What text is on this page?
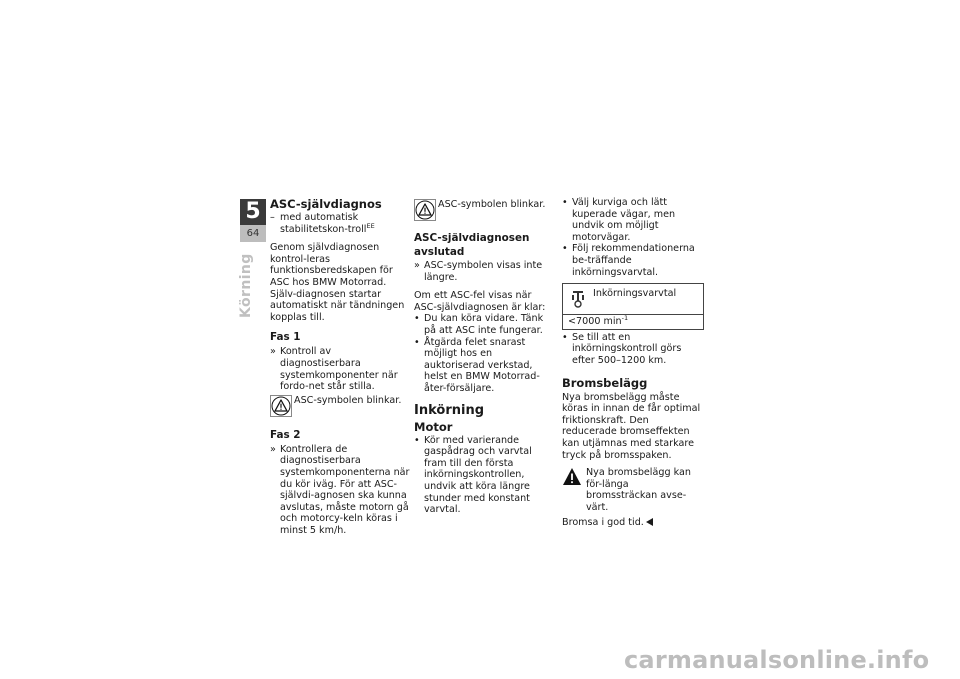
5
64
Körning
ASC-självdiagnos
– med automatisk stabilitetskon-troll$^{EE}$
Genom självdiagnosen kontrol-leras funktionsberedskapen för ASC hos BMW Motorrad. Själv-diagnosen startar automatiskt när tändningen kopplas till.
Fas 1
» Kontroll av diagnostiserbara systemkomponenter när fordo-net står stilla.
ASC-symbolen blinkar.
Fas 2
» Kontrollera de diagnostiserbara systemkomponenterna när du kör iväg. För att ASC-självdi-agnosen ska kunna avslutas, måste motorn gå och motorcy-keln köras i minst 5 km/h.
ASC-symbolen blinkar.
ASC-självdiagnosen avslutad
» ASC-symbolen visas inte längre.
Om ett ASC-fel visas när ASC-självdiagnosen är klar:
• Du kan köra vidare. Tänk på att ASC inte fungerar.
• Åtgärda felet snarast möjligt hos en auktoriserad verkstad, helst en BMW Motorrad-åter-försäljare.
Inkörning
Motor
• Kör med varierande gaspådrag och varvtal fram till den första inkörningskontrollen, undvik att köra längre stunder med konstant varvtal.
• Välj kurviga och lätt kuperade vägar, men undvik om möjligt motorvägar.
• Följ rekommendationerna be-träffande inkörningsvarvtal.
Inkörningsvarvtal
<7000 $\min^{-1}$
• Se till att en inkörningskontroll görs efter 500–1200 km.
Bromsbelägg
Nya bromsbelägg måste köras in innan de får optimal friktionskraft. Den reducerade bromseffekten kan utjämnas med starkare tryck på bromsspaken.
Nya bromsbelägg kan för-länga bromssträckan avse-värt.
Bromsa i god tid.
carmanualsonline.info
